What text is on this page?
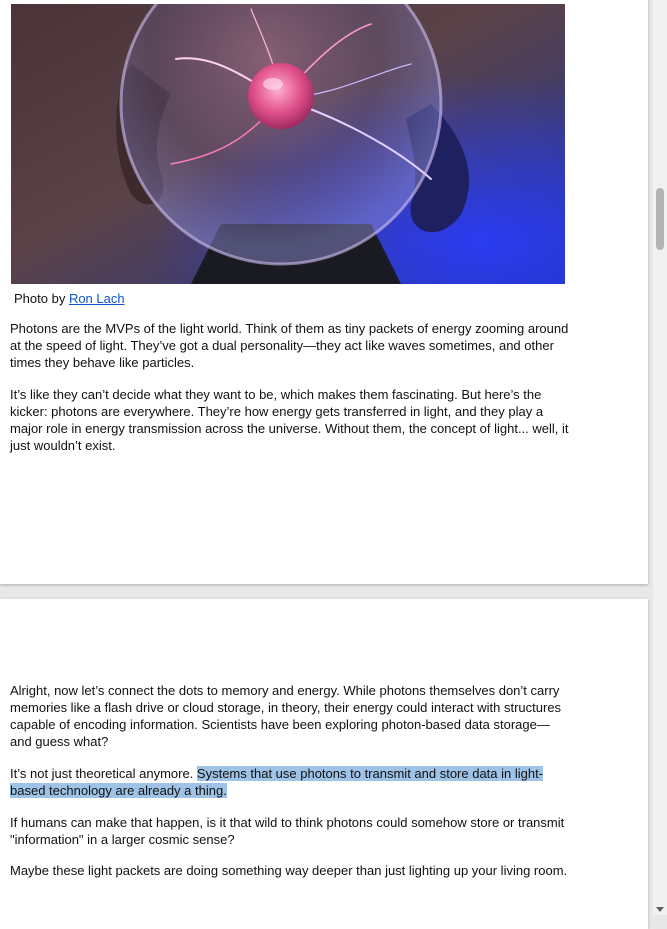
Photo by Ron Lach

Photons are the MVPs of the light world. Think of them as tiny packets of energy zooming around at the speed of light. They’ve got a dual personality—they act like waves sometimes, and other times they behave like particles.

It’s like they can’t decide what they want to be, which makes them fascinating. But here’s the kicker: photons are everywhere. They’re how energy gets transferred in light, and they play a major role in energy transmission across the universe. Without them, the concept of light... well, it just wouldn’t exist.

Alright, now let’s connect the dots to memory and energy. While photons themselves don’t carry memories like a flash drive or cloud storage, in theory, their energy could interact with structures capable of encoding information. Scientists have been exploring photon-based data storage—and guess what?

It’s not just theoretical anymore. Systems that use photons to transmit and store data in light-based technology are already a thing.

If humans can make that happen, is it that wild to think photons could somehow store or transmit "information" in a larger cosmic sense?

Maybe these light packets are doing something way deeper than just lighting up your living room.
